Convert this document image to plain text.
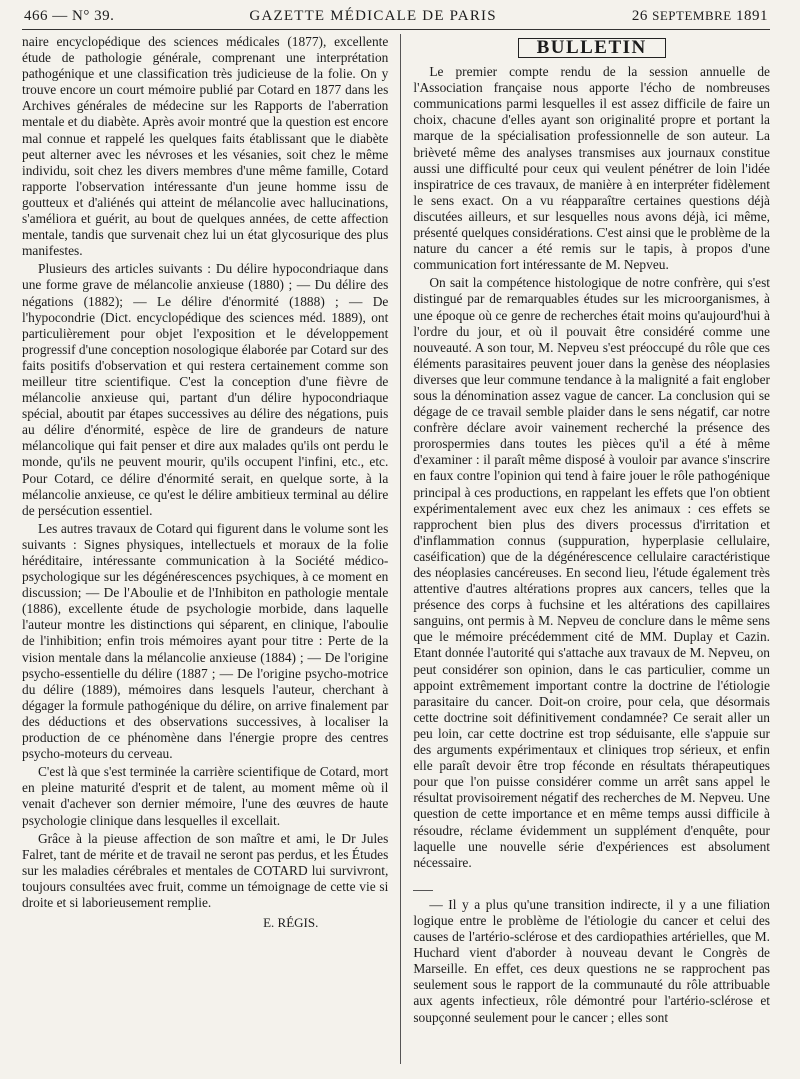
466 — N° 39.	GAZETTE MÉDICALE DE PARIS	26 SEPTEMBRE 1891

naire encyclopédique des sciences médicales (1877), excellente étude de pathologie générale, comprenant une interprétation pathogénique et une classification très judicieuse de la folie. On y trouve encore un court mémoire publié par Cotard en 1877 dans les Archives générales de médecine sur les Rapports de l'aberration mentale et du diabète. Après avoir montré que la question est encore mal connue et rappelé les quelques faits établissant que le diabète peut alterner avec les névroses et les vésanies, soit chez le même individu, soit chez les divers membres d'une même famille, Cotard rapporte l'observation intéressante d'un jeune homme issu de goutteux et d'aliénés qui atteint de mélancolie avec hallucinations, s'améliora et guérit, au bout de quelques années, de cette affection mentale, tandis que survenait chez lui un état glycosurique des plus manifestes.

Plusieurs des articles suivants : Du délire hypocondriaque dans une forme grave de mélancolie anxieuse (1880) ; — Du délire des négations (1882); — Le délire d'énormité (1888) ; — De l'hypocondrie (Dict. encyclopédique des sciences méd. 1889), ont particulièrement pour objet l'exposition et le développement progressif d'une conception nosologique élaborée par Cotard sur des faits positifs d'observation et qui restera certainement comme son meilleur titre scientifique. C'est la conception d'une fièvre de mélancolie anxieuse qui, partant d'un délire hypocondriaque spécial, aboutit par étapes successives au délire des négations, puis au délire d'énormité, espèce de lire de grandeurs de nature mélancolique qui fait penser et dire aux malades qu'ils ont perdu le monde, qu'ils ne peuvent mourir, qu'ils occupent l'infini, etc., etc. Pour Cotard, ce délire d'énormité serait, en quelque sorte, à la mélancolie anxieuse, ce qu'est le délire ambitieux terminal au délire de persécution essentiel.

Les autres travaux de Cotard qui figurent dans le volume sont les suivants : Signes physiques, intellectuels et moraux de la folie héréditaire, intéressante communication à la Société médico-psychologique sur les dégénérescences psychiques, à ce moment en discussion; — De l'Aboulie et de l'Inhibiton en pathologie mentale (1886), excellente étude de psychologie morbide, dans laquelle l'auteur montre les distinctions qui séparent, en clinique, l'aboulie de l'inhibition; enfin trois mémoires ayant pour titre : Perte de la vision mentale dans la mélancolie anxieuse (1884) ; — De l'origine psycho-essentielle du délire (1887 ; — De l'origine psycho-motrice du délire (1889), mémoires dans lesquels l'auteur, cherchant à dégager la formule pathogénique du délire, on arrive finalement par des déductions et des observations successives, à localiser la production de ce phénomène dans l'énergie propre des centres psycho-moteurs du cerveau.

C'est là que s'est terminée la carrière scientifique de Cotard, mort en pleine maturité d'esprit et de talent, au moment même où il venait d'achever son dernier mémoire, l'une des œuvres de haute psychologie clinique dans lesquelles il excellait.

Grâce à la pieuse affection de son maître et ami, le Dr Jules Falret, tant de mérite et de travail ne seront pas perdus, et les Études sur les maladies cérébrales et mentales de COTARD lui survivront, toujours consultées avec fruit, comme un témoignage de cette vie si droite et si laborieusement remplie.

E. RÉGIS.

BULLETIN

Le premier compte rendu de la session annuelle de l'Association française nous apporte l'écho de nombreuses communications parmi lesquelles il est assez difficile de faire un choix, chacune d'elles ayant son originalité propre et portant la marque de la spécialisation professionnelle de son auteur. La brièveté même des analyses transmises aux journaux constitue aussi une difficulté pour ceux qui veulent pénétrer de loin l'idée inspiratrice de ces travaux, de manière à en interpréter fidèlement le sens exact. On a vu réapparaître certaines questions déjà discutées ailleurs, et sur lesquelles nous avons déjà, ici même, présenté quelques considérations. C'est ainsi que le problème de la nature du cancer a été remis sur le tapis, à propos d'une communication fort intéressante de M. Nepveu.

On sait la compétence histologique de notre confrère, qui s'est distingué par de remarquables études sur les microorganismes, à une époque où ce genre de recherches était moins qu'aujourd'hui à l'ordre du jour, et où il pouvait être considéré comme une nouveauté. A son tour, M. Nepveu s'est préoccupé du rôle que ces éléments parasitaires peuvent jouer dans la genèse des néoplasies diverses que leur commune tendance à la malignité a fait englober sous la dénomination assez vague de cancer. La conclusion qui se dégage de ce travail semble plaider dans le sens négatif, car notre confrère déclare avoir vainement recherché la présence des prorospermies dans toutes les pièces qu'il a été à même d'examiner : il paraît même disposé à vouloir par avance s'inscrire en faux contre l'opinion qui tend à faire jouer le rôle pathogénique principal à ces productions, en rappelant les effets que l'on obtient expérimentalement avec eux chez les animaux : ces effets se rapprochent bien plus des divers processus d'irritation et d'inflammation connus (suppuration, hyperplasie cellulaire, caséification) que de la dégénérescence cellulaire caractéristique des néoplasies cancéreuses. En second lieu, l'étude également très attentive d'autres altérations propres aux cancers, telles que la présence des corps à fuchsine et les altérations des capillaires sanguins, ont permis à M. Nepveu de conclure dans le même sens que le mémoire précédemment cité de MM. Duplay et Cazin. Etant donnée l'autorité qui s'attache aux travaux de M. Nepveu, on peut considérer son opinion, dans le cas particulier, comme un appoint extrêmement important contre la doctrine de l'étiologie parasitaire du cancer. Doit-on croire, pour cela, que désormais cette doctrine soit définitivement condamnée? Ce serait aller un peu loin, car cette doctrine est trop séduisante, elle s'appuie sur des arguments expérimentaux et cliniques trop sérieux, et enfin elle paraît devoir être trop féconde en résultats thérapeutiques pour que l'on puisse considérer comme un arrêt sans appel le résultat provisoirement négatif des recherches de M. Nepveu. Une question de cette importance et en même temps aussi difficile à résoudre, réclame évidemment un supplément d'enquête, pour laquelle une nouvelle série d'expériences est absolument nécessaire.

— Il y a plus qu'une transition indirecte, il y a une filiation logique entre le problème de l'étiologie du cancer et celui des causes de l'artério-sclérose et des cardiopathies artérielles, que M. Huchard vient d'aborder à nouveau devant le Congrès de Marseille. En effet, ces deux questions ne se rapprochent pas seulement sous le rapport de la communauté du rôle attribuable aux agents infectieux, rôle démontré pour l'artério-sclérose et soupçonné seulement pour le cancer ; elles sont
